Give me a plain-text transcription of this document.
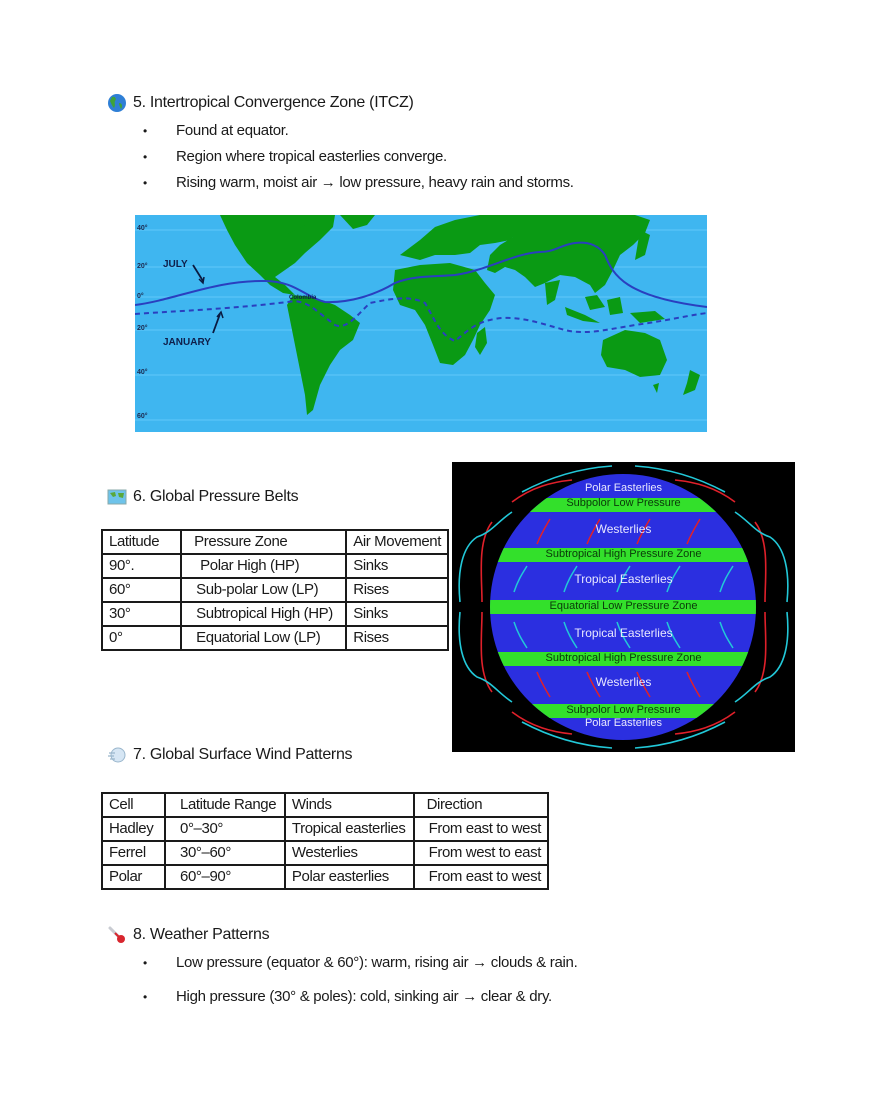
5. Intertropical Convergence Zone (ITCZ)
• Found at equator.
• Region where tropical easterlies converge.
• Rising warm, moist air → low pressure, heavy rain and storms.
JULY
JANUARY
Colombia
40°
20°
0°
20°
40°
60°
6. Global Pressure Belts
Latitude	Pressure Zone	Air Movement
90°.	Polar High (HP)	Sinks
60°	Sub-polar Low (LP)	Rises
30°	Subtropical High (HP)	Sinks
0°	Equatorial Low (LP)	Rises
Polar Easterlies
Subpolor Low Pressure
Westerlies
Subtropical High Pressure Zone
Tropical Easterlies
Equatorial Low Pressure Zone
Tropical Easterlies
Subtropical High Pressure Zone
Westerlies
Subpolor Low Pressure
Polar Easterlies
7. Global Surface Wind Patterns
Cell	Latitude Range	Winds	Direction
Hadley	0°–30°	Tropical easterlies	From east to west
Ferrel	30°–60°	Westerlies	From west to east
Polar	60°–90°	Polar easterlies	From east to west
8. Weather Patterns
• Low pressure (equator & 60°): warm, rising air → clouds & rain.
• High pressure (30° & poles): cold, sinking air → clear & dry.
